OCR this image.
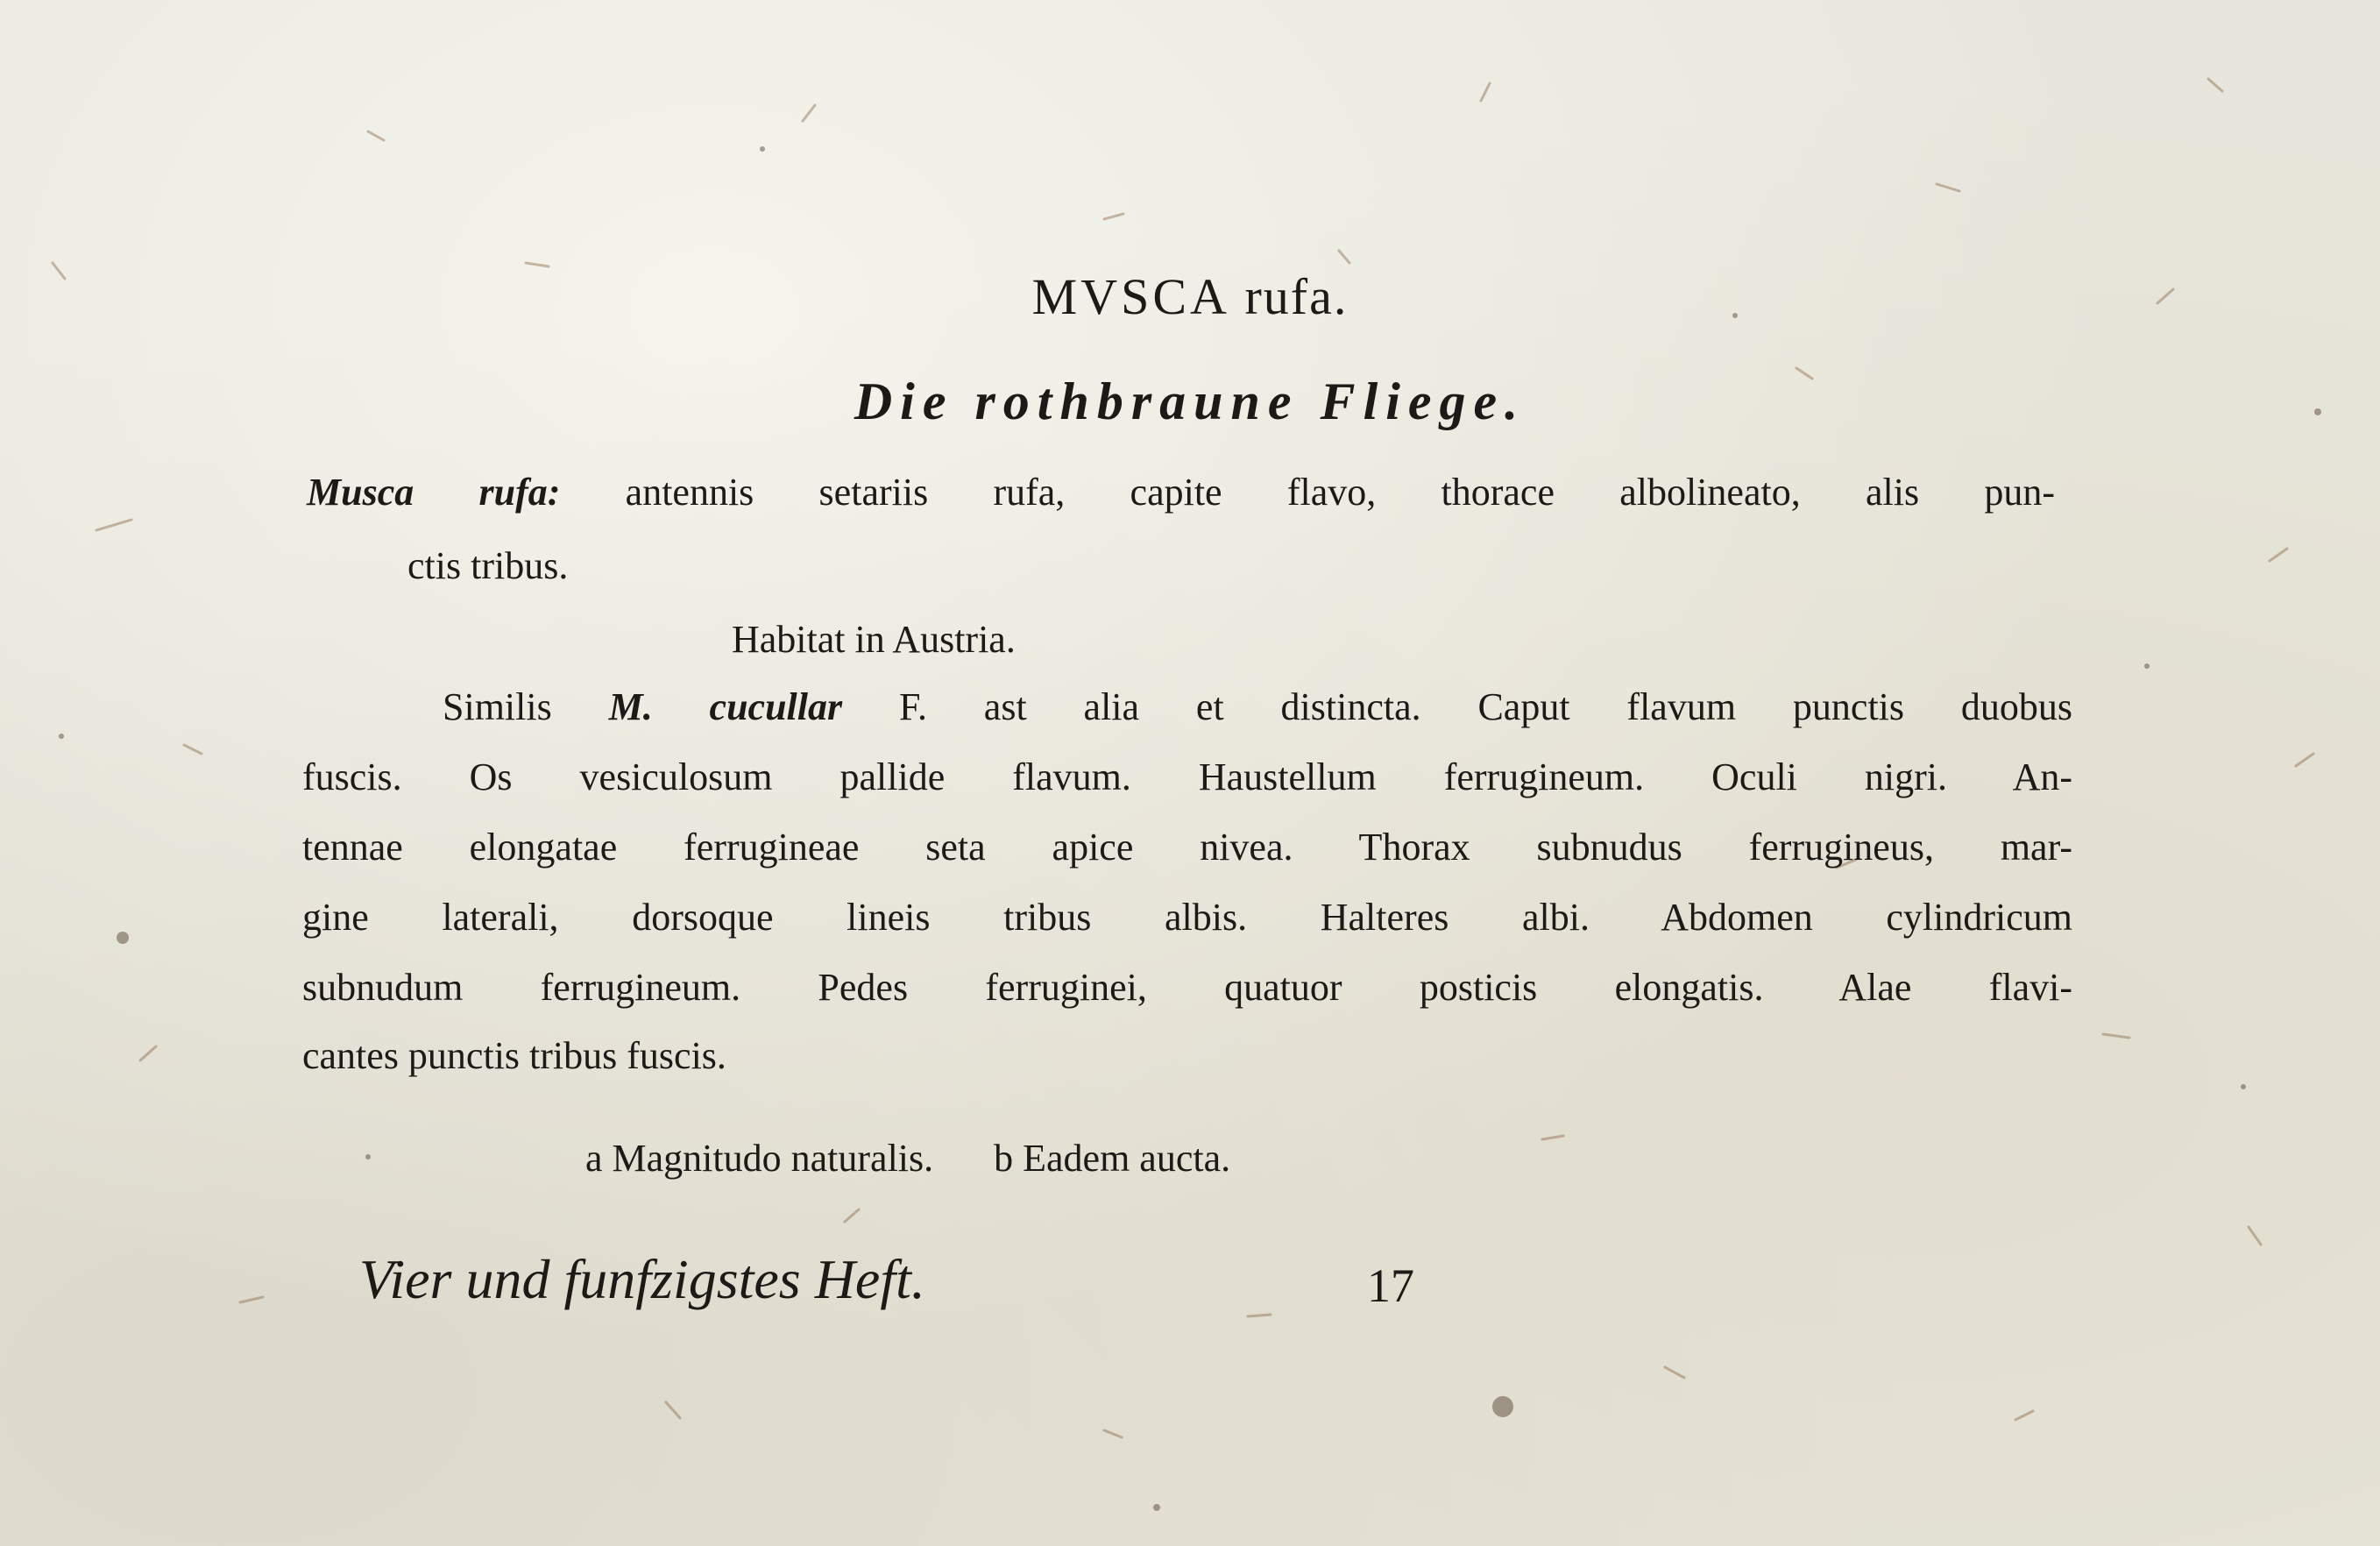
MVSCA rufa.
Die rothbraune Fliege.
Musca rufa: antennis setariis rufa, capite flavo, thorace albolineato, alis pun-
ctis tribus.
Habitat in Austria.
Similis M. cucullar F. ast alia et distincta. Caput flavum punctis duobus
fuscis. Os vesiculosum pallide flavum. Haustellum ferrugineum. Oculi nigri. An-
tennae elongatae ferrugineae seta apice nivea. Thorax subnudus ferrugineus, mar-
gine laterali, dorsoque lineis tribus albis. Halteres albi. Abdomen cylindricum
subnudum ferrugineum. Pedes ferruginei, quatuor posticis elongatis. Alae flavi-
cantes punctis tribus fuscis.
a Magnitudo naturalis. b Eadem aucta.
Vier und funfzigstes Heft.	17
